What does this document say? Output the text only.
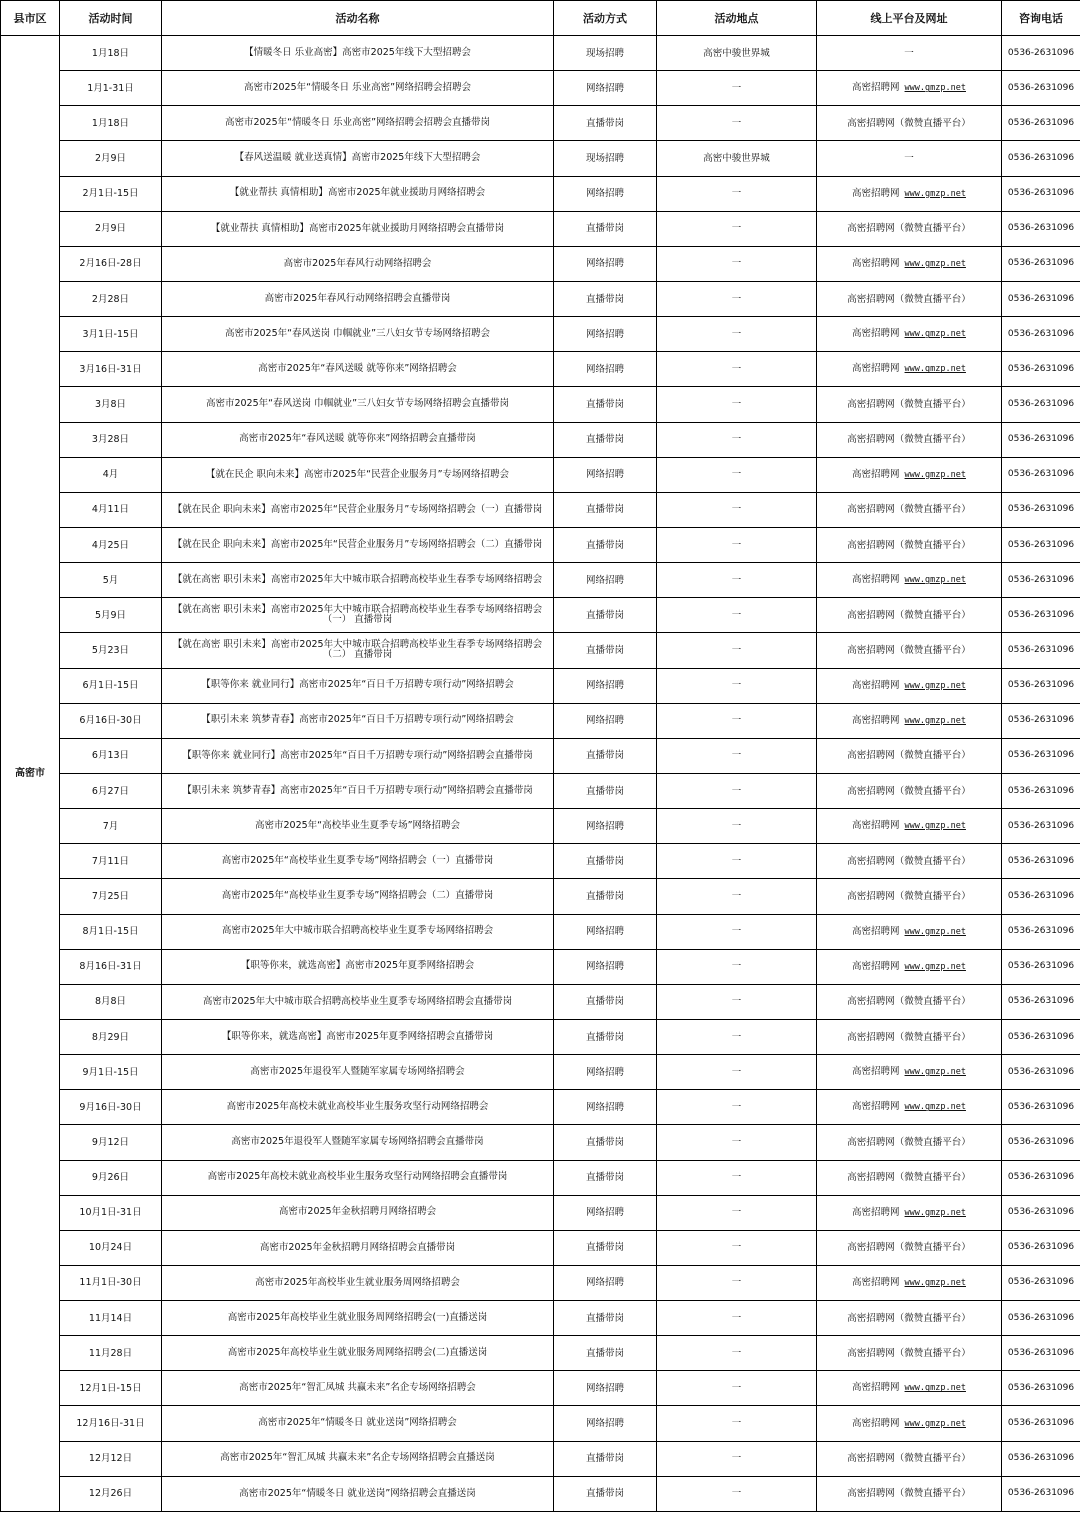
县市区	活动时间	活动名称	活动方式	活动地点	线上平台及网址	咨询电话
高密市	1月18日	【情暖冬日 乐业高密】高密市2025年线下大型招聘会	现场招聘	高密中骏世界城	一	0536-2631096
	1月1-31日	高密市2025年“情暖冬日 乐业高密”网络招聘会招聘会	网络招聘	一	高密招聘网 www.gmzp.net	0536-2631096
	1月18日	高密市2025年“情暖冬日 乐业高密”网络招聘会招聘会直播带岗	直播带岗	一	高密招聘网（微赞直播平台）	0536-2631096
	2月9日	【春风送温暖 就业送真情】高密市2025年线下大型招聘会	现场招聘	高密中骏世界城	一	0536-2631096
	2月1日-15日	【就业帮扶 真情相助】高密市2025年就业援助月网络招聘会	网络招聘	一	高密招聘网 www.gmzp.net	0536-2631096
	2月9日	【就业帮扶 真情相助】高密市2025年就业援助月网络招聘会直播带岗	直播带岗	一	高密招聘网（微赞直播平台）	0536-2631096
	2月16日-28日	高密市2025年春风行动网络招聘会	网络招聘	一	高密招聘网 www.gmzp.net	0536-2631096
	2月28日	高密市2025年春风行动网络招聘会直播带岗	直播带岗	一	高密招聘网（微赞直播平台）	0536-2631096
	3月1日-15日	高密市2025年“春风送岗 巾帼就业”三八妇女节专场网络招聘会	网络招聘	一	高密招聘网 www.gmzp.net	0536-2631096
	3月16日-31日	高密市2025年“春风送暖 就等你来”网络招聘会	网络招聘	一	高密招聘网 www.gmzp.net	0536-2631096
	3月8日	高密市2025年“春风送岗 巾帼就业”三八妇女节专场网络招聘会直播带岗	直播带岗	一	高密招聘网（微赞直播平台）	0536-2631096
	3月28日	高密市2025年“春风送暖 就等你来”网络招聘会直播带岗	直播带岗	一	高密招聘网（微赞直播平台）	0536-2631096
	4月	【就在民企 职向未来】高密市2025年“民营企业服务月”专场网络招聘会	网络招聘	一	高密招聘网 www.gmzp.net	0536-2631096
	4月11日	【就在民企 职向未来】高密市2025年“民营企业服务月”专场网络招聘会（一）直播带岗	直播带岗	一	高密招聘网（微赞直播平台）	0536-2631096
	4月25日	【就在民企 职向未来】高密市2025年“民营企业服务月”专场网络招聘会（二）直播带岗	直播带岗	一	高密招聘网（微赞直播平台）	0536-2631096
	5月	【就在高密 职引未来】高密市2025年大中城市联合招聘高校毕业生春季专场网络招聘会	网络招聘	一	高密招聘网 www.gmzp.net	0536-2631096
	5月9日	【就在高密 职引未来】高密市2025年大中城市联合招聘高校毕业生春季专场网络招聘会（一） 直播带岗	直播带岗	一	高密招聘网（微赞直播平台）	0536-2631096
	5月23日	【就在高密 职引未来】高密市2025年大中城市联合招聘高校毕业生春季专场网络招聘会（二） 直播带岗	直播带岗	一	高密招聘网（微赞直播平台）	0536-2631096
	6月1日-15日	【职等你来 就业同行】高密市2025年“百日千万招聘专项行动”网络招聘会	网络招聘	一	高密招聘网 www.gmzp.net	0536-2631096
	6月16日-30日	【职引未来 筑梦青春】高密市2025年“百日千万招聘专项行动”网络招聘会	网络招聘	一	高密招聘网 www.gmzp.net	0536-2631096
	6月13日	【职等你来 就业同行】高密市2025年“百日千万招聘专项行动”网络招聘会直播带岗	直播带岗	一	高密招聘网（微赞直播平台）	0536-2631096
	6月27日	【职引未来 筑梦青春】高密市2025年“百日千万招聘专项行动”网络招聘会直播带岗	直播带岗	一	高密招聘网（微赞直播平台）	0536-2631096
	7月	高密市2025年“高校毕业生夏季专场”网络招聘会	网络招聘	一	高密招聘网 www.gmzp.net	0536-2631096
	7月11日	高密市2025年“高校毕业生夏季专场”网络招聘会（一）直播带岗	直播带岗	一	高密招聘网（微赞直播平台）	0536-2631096
	7月25日	高密市2025年“高校毕业生夏季专场”网络招聘会（二）直播带岗	直播带岗	一	高密招聘网（微赞直播平台）	0536-2631096
	8月1日-15日	高密市2025年大中城市联合招聘高校毕业生夏季专场网络招聘会	网络招聘	一	高密招聘网 www.gmzp.net	0536-2631096
	8月16日-31日	【职等你来，就选高密】高密市2025年夏季网络招聘会	网络招聘	一	高密招聘网 www.gmzp.net	0536-2631096
	8月8日	高密市2025年大中城市联合招聘高校毕业生夏季专场网络招聘会直播带岗	直播带岗	一	高密招聘网（微赞直播平台）	0536-2631096
	8月29日	【职等你来，就选高密】高密市2025年夏季网络招聘会直播带岗	直播带岗	一	高密招聘网（微赞直播平台）	0536-2631096
	9月1日-15日	高密市2025年退役军人暨随军家属专场网络招聘会	网络招聘	一	高密招聘网 www.gmzp.net	0536-2631096
	9月16日-30日	高密市2025年高校未就业高校毕业生服务攻坚行动网络招聘会	网络招聘	一	高密招聘网 www.gmzp.net	0536-2631096
	9月12日	高密市2025年退役军人暨随军家属专场网络招聘会直播带岗	直播带岗	一	高密招聘网（微赞直播平台）	0536-2631096
	9月26日	高密市2025年高校未就业高校毕业生服务攻坚行动网络招聘会直播带岗	直播带岗	一	高密招聘网（微赞直播平台）	0536-2631096
	10月1日-31日	高密市2025年金秋招聘月网络招聘会	网络招聘	一	高密招聘网 www.gmzp.net	0536-2631096
	10月24日	高密市2025年金秋招聘月网络招聘会直播带岗	直播带岗	一	高密招聘网（微赞直播平台）	0536-2631096
	11月1日-30日	高密市2025年高校毕业生就业服务周网络招聘会	网络招聘	一	高密招聘网 www.gmzp.net	0536-2631096
	11月14日	高密市2025年高校毕业生就业服务周网络招聘会(一)直播送岗	直播带岗	一	高密招聘网（微赞直播平台）	0536-2631096
	11月28日	高密市2025年高校毕业生就业服务周网络招聘会(二)直播送岗	直播带岗	一	高密招聘网（微赞直播平台）	0536-2631096
	12月1日-15日	高密市2025年“智汇凤城 共赢未来”名企专场网络招聘会	网络招聘	一	高密招聘网 www.gmzp.net	0536-2631096
	12月16日-31日	高密市2025年“情暖冬日 就业送岗”网络招聘会	网络招聘	一	高密招聘网 www.gmzp.net	0536-2631096
	12月12日	高密市2025年“智汇凤城 共赢未来”名企专场网络招聘会直播送岗	直播带岗	一	高密招聘网（微赞直播平台）	0536-2631096
	12月26日	高密市2025年“情暖冬日 就业送岗”网络招聘会直播送岗	直播带岗	一	高密招聘网（微赞直播平台）	0536-2631096
